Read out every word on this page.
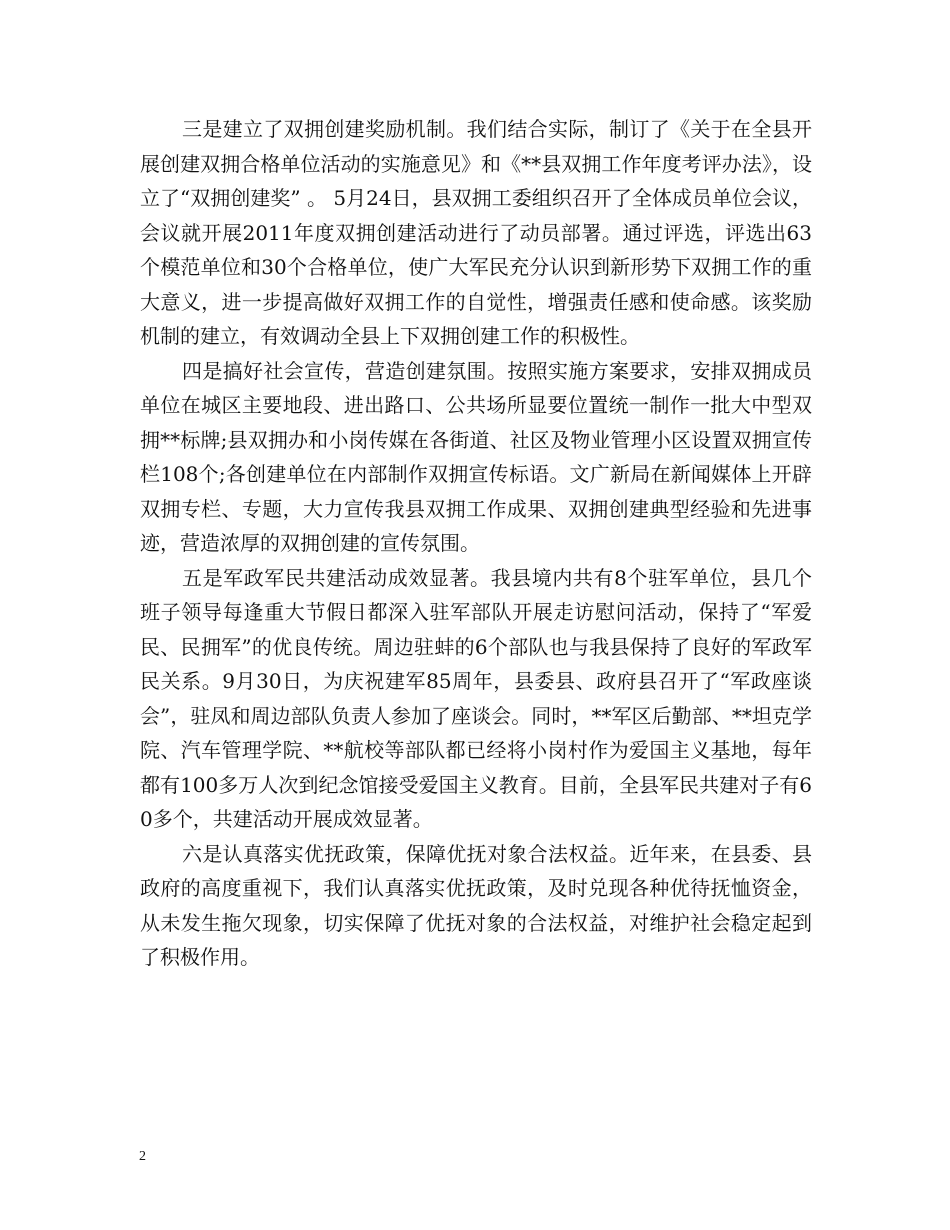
三是建立了双拥创建奖励机制。我们结合实际，制订了《关于在全县开展创建双拥合格单位活动的实施意见》和《**县双拥工作年度考评办法》，设立了“双拥创建奖” 。 5月24日，县双拥工委组织召开了全体成员单位会议，会议就开展2011年度双拥创建活动进行了动员部署。通过评选，评选出63个模范单位和30个合格单位，使广大军民充分认识到新形势下双拥工作的重大意义，进一步提高做好双拥工作的自觉性，增强责任感和使命感。该奖励机制的建立，有效调动全县上下双拥创建工作的积极性。

四是搞好社会宣传，营造创建氛围。按照实施方案要求，安排双拥成员单位在城区主要地段、进出路口、公共场所显要位置统一制作一批大中型双拥**标牌;县双拥办和小岗传媒在各街道、社区及物业管理小区设置双拥宣传栏108个;各创建单位在内部制作双拥宣传标语。文广新局在新闻媒体上开辟双拥专栏、专题，大力宣传我县双拥工作成果、双拥创建典型经验和先进事迹，营造浓厚的双拥创建的宣传氛围。

五是军政军民共建活动成效显著。我县境内共有8个驻军单位，县几个班子领导每逢重大节假日都深入驻军部队开展走访慰问活动，保持了“军爱民、民拥军”的优良传统。周边驻蚌的6个部队也与我县保持了良好的军政军民关系。9月30日，为庆祝建军85周年，县委县、政府县召开了“军政座谈会”，驻凤和周边部队负责人参加了座谈会。同时，**军区后勤部、**坦克学院、汽车管理学院、**航校等部队都已经将小岗村作为爱国主义基地，每年都有100多万人次到纪念馆接受爱国主义教育。目前，全县军民共建对子有60多个，共建活动开展成效显著。

六是认真落实优抚政策，保障优抚对象合法权益。近年来，在县委、县政府的高度重视下，我们认真落实优抚政策，及时兑现各种优待抚恤资金，从未发生拖欠现象，切实保障了优抚对象的合法权益，对维护社会稳定起到了积极作用。

2
